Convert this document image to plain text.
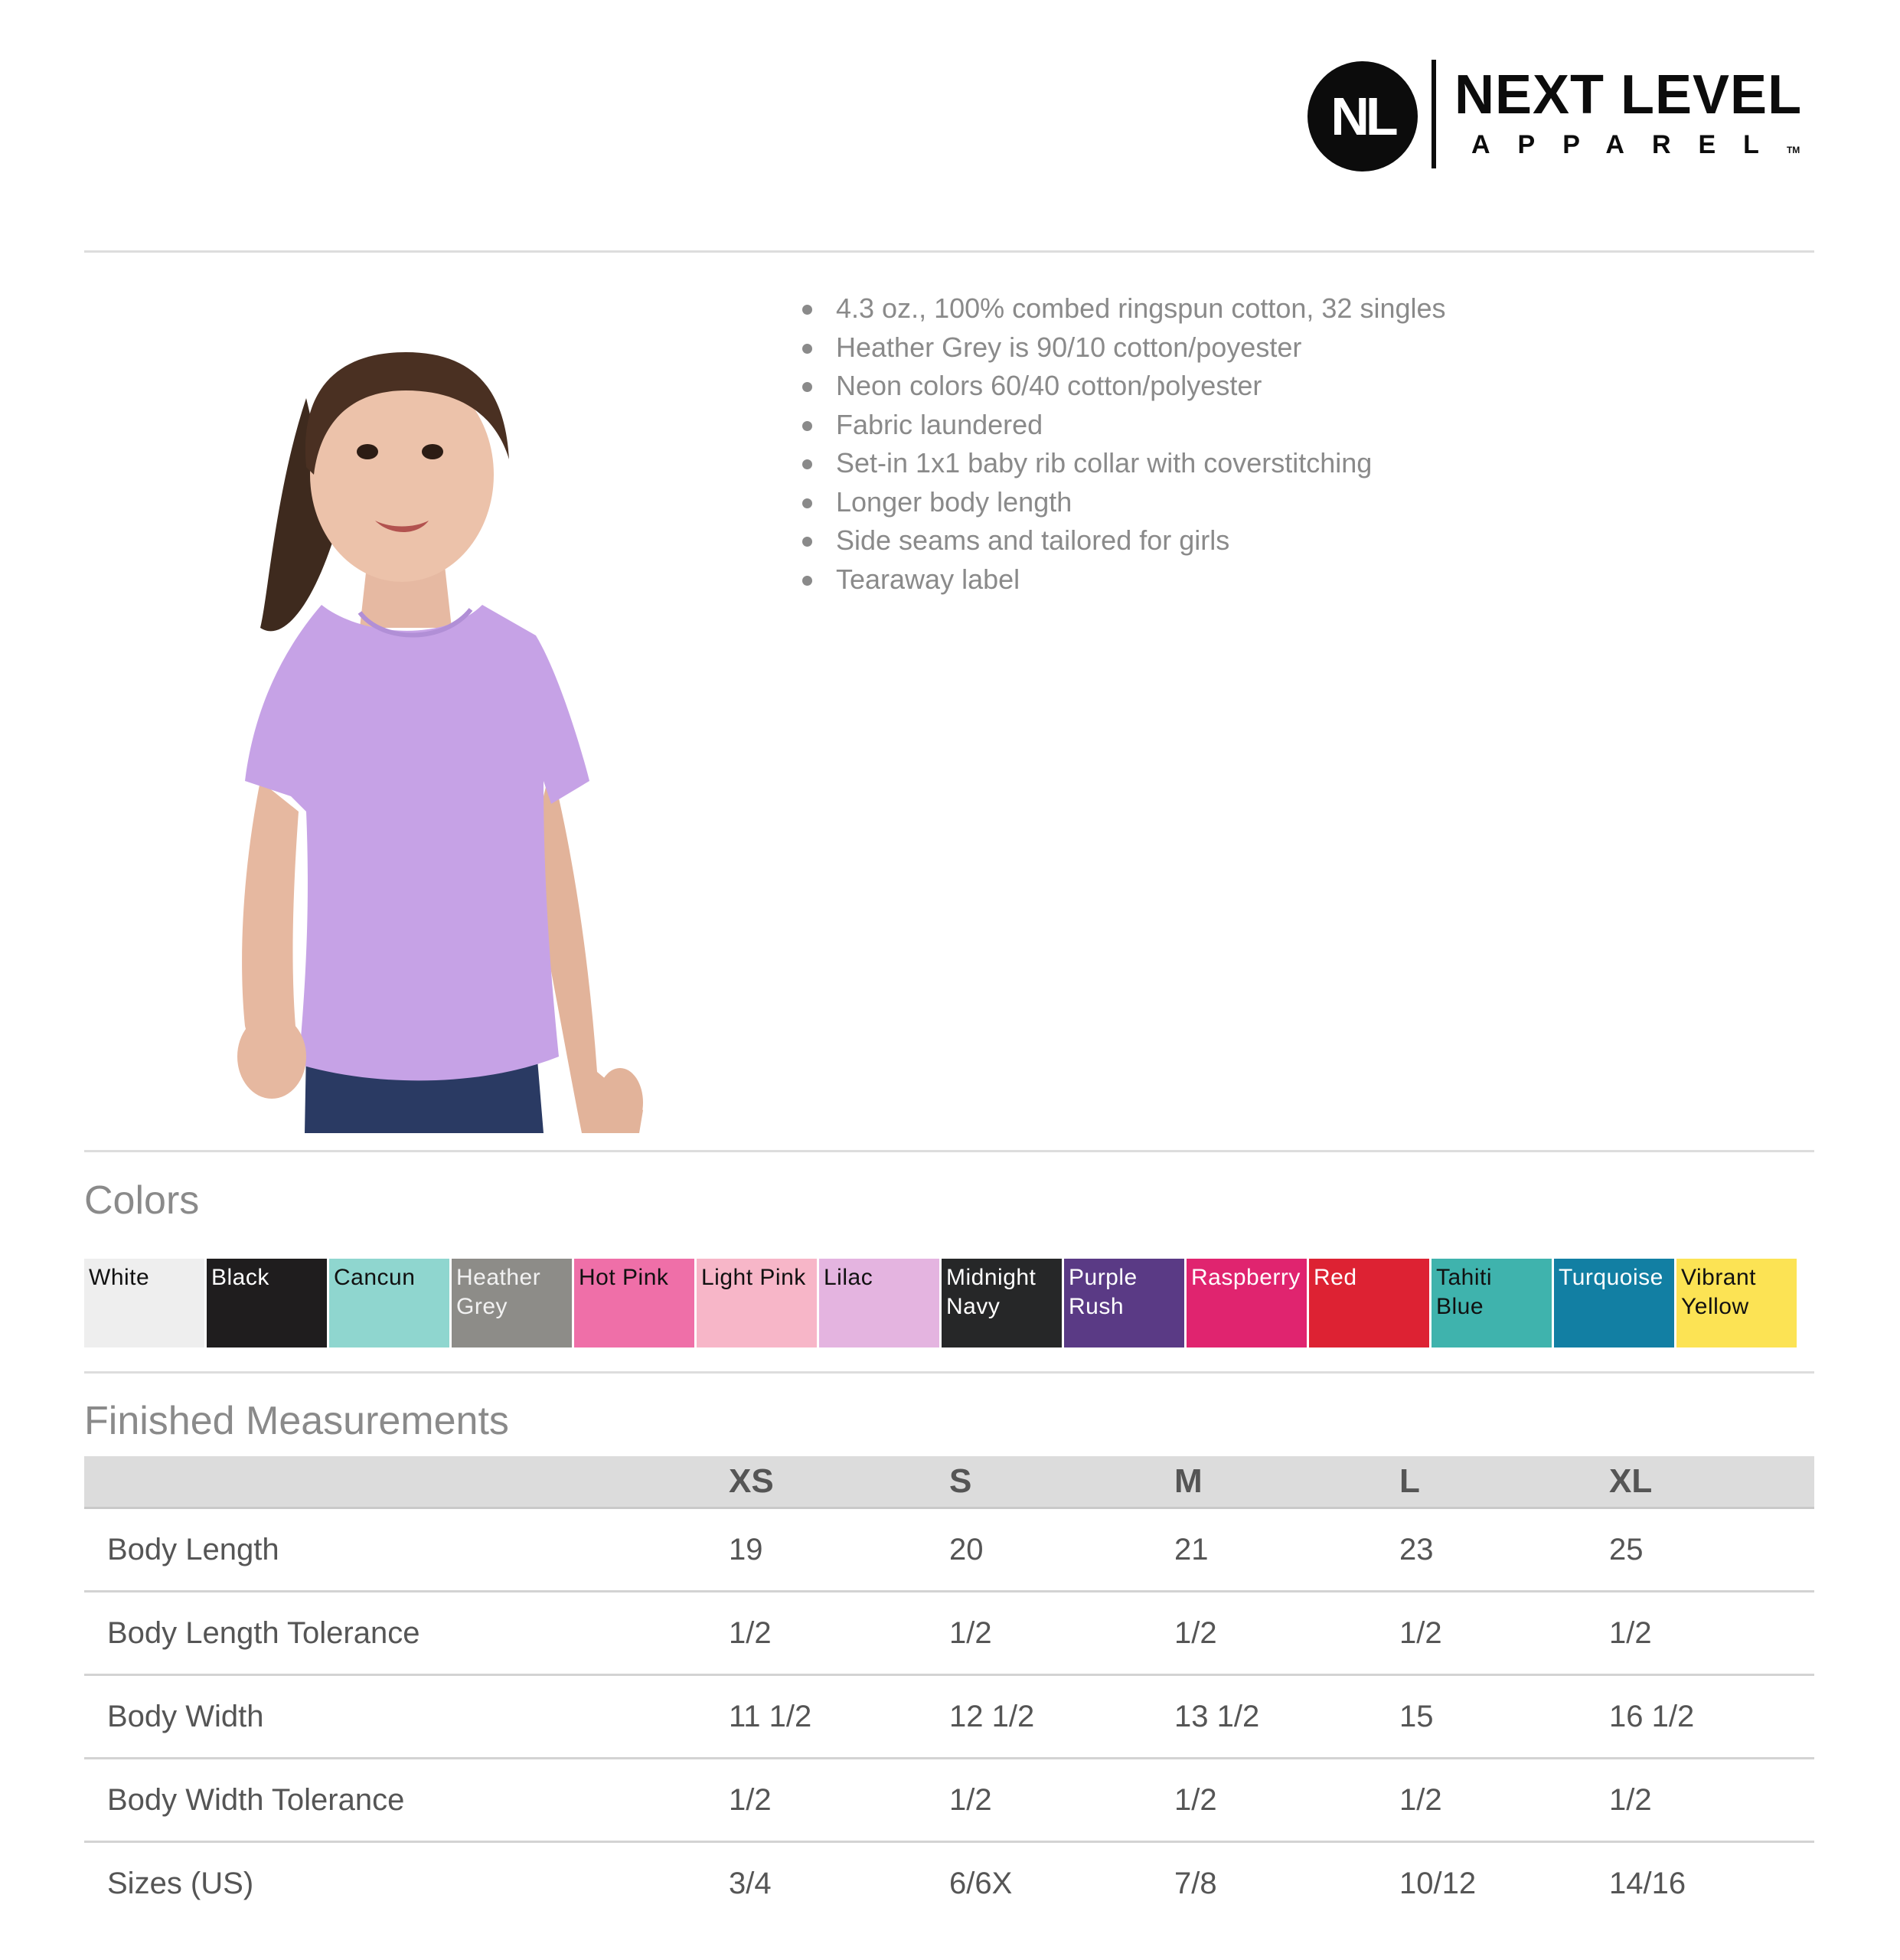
NL	NEXT LEVEL
APPARELTM
4.3 oz., 100% combed ringspun cotton, 32 singles
Heather Grey is 90/10 cotton/poyester
Neon colors 60/40 cotton/polyester
Fabric laundered
Set-in 1x1 baby rib collar with coverstitching
Longer body length
Side seams and tailored for girls
Tearaway label
Colors
White	Black	Cancun	Heather
Grey
Hot Pink	Light Pink Lilac	Midnight
Navy
Purple
Rush
Raspberry Red	Tahiti
Blue
Turquoise Vibrant
Yellow
Finished Measurements
	XS	S	M	L	XL
Body Length	19	20	21	23	25
Body Length Tolerance	1/2	1/2	1/2	1/2	1/2
Body Width	11 1/2	12 1/2	13 1/2	15	16 1/2
Body Width Tolerance	1/2	1/2	1/2	1/2	1/2
Sizes (US)	3/4	6/6X	7/8	10/12	14/16
